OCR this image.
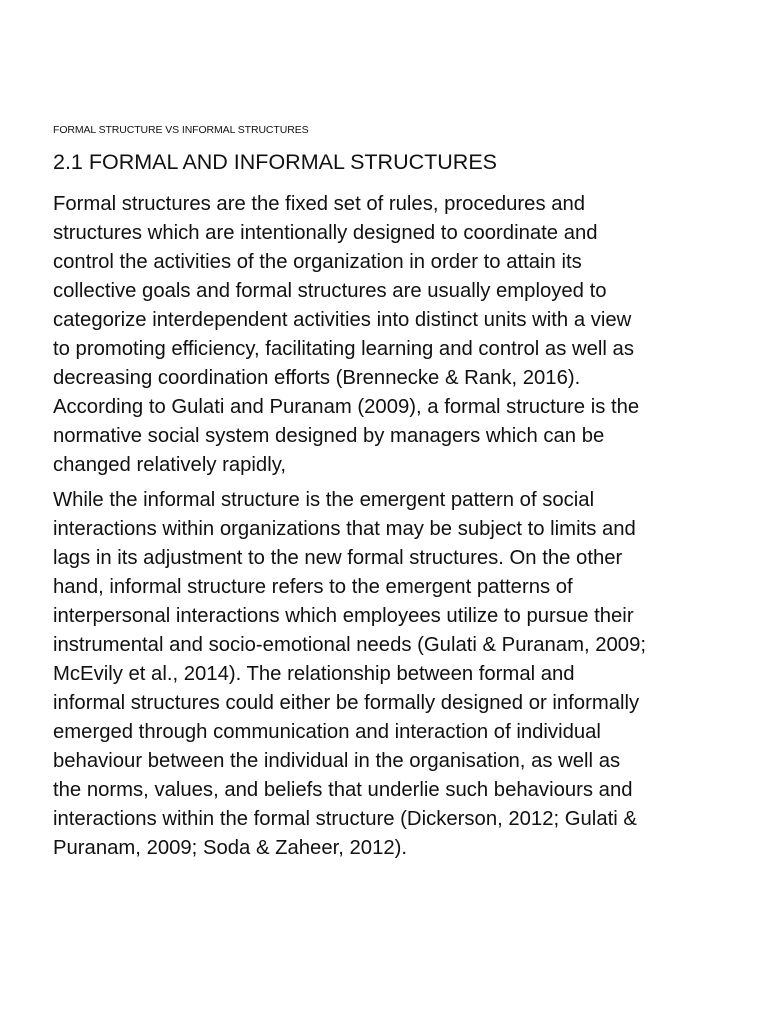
FORMAL STRUCTURE VS INFORMAL STRUCTURES
2.1 FORMAL AND INFORMAL STRUCTURES
Formal structures are the fixed set of rules, procedures and
structures which are intentionally designed to coordinate and
control the activities of the organization in order to attain its
collective goals and formal structures are usually employed to
categorize interdependent activities into distinct units with a view
to promoting efficiency, facilitating learning and control as well as
decreasing coordination efforts (Brennecke & Rank, 2016).
According to Gulati and Puranam (2009), a formal structure is the
normative social system designed by managers which can be
changed relatively rapidly,
While the informal structure is the emergent pattern of social
interactions within organizations that may be subject to limits and
lags in its adjustment to the new formal structures. On the other
hand, informal structure refers to the emergent patterns of
interpersonal interactions which employees utilize to pursue their
instrumental and socio-emotional needs (Gulati & Puranam, 2009;
McEvily et al., 2014). The relationship between formal and
informal structures could either be formally designed or informally
emerged through communication and interaction of individual
behaviour between the individual in the organisation, as well as
the norms, values, and beliefs that underlie such behaviours and
interactions within the formal structure (Dickerson, 2012; Gulati &
Puranam, 2009; Soda & Zaheer, 2012).
